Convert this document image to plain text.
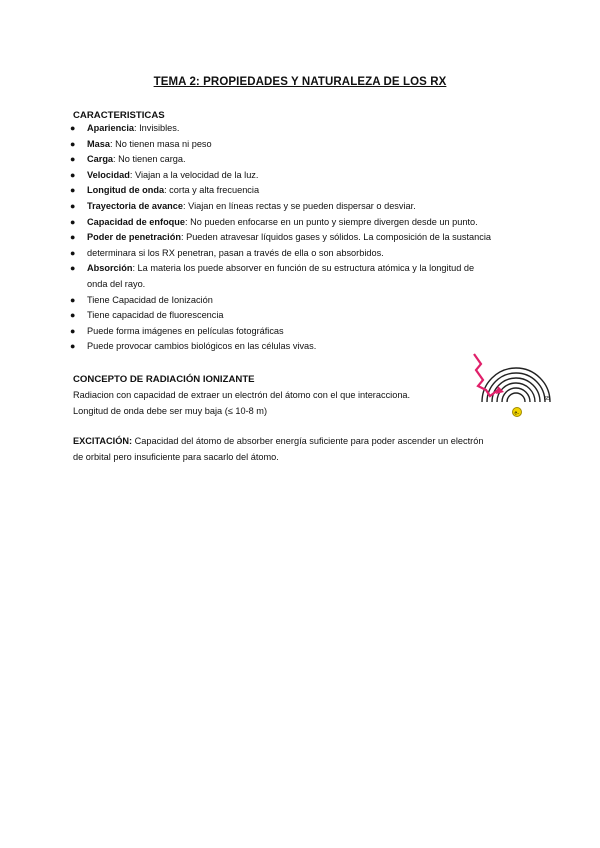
TEMA 2: PROPIEDADES Y NATURALEZA DE LOS RX
CARACTERISTICAS
● Apariencia: Invisibles.
● Masa: No tienen masa ni peso
● Carga: No tienen carga.
● Velocidad: Viajan a la velocidad de la luz.
● Longitud de onda: corta y alta frecuencia
● Trayectoria de avance: Viajan en líneas rectas y se pueden dispersar o desviar.
● Capacidad de enfoque: No pueden enfocarse en un punto y siempre divergen desde un punto.
● Poder de penetración: Pueden atravesar líquidos gases y sólidos. La composición de la sustancia
● determinara si los RX penetran, pasan a través de ella o son absorbidos.
● Absorción: La materia los puede absorver en función de su estructura atómica y la longitud de
onda del rayo.
● Tiene Capacidad de Ionización
● Tiene capacidad de fluorescencia
● Puede forma imágenes en películas fotográficas
● Puede provocar cambios biológicos en las células vivas.
CONCEPTO DE RADIACIÓN IONIZANTE
Radiacion con capacidad de extraer un electrón del átomo con el que interacciona.
Longitud de onda debe ser muy baja (≤ 10-8 m)
EXCITACIÓN: Capacidad del átomo de absorber energía suficiente para poder ascender un electrón
de orbital pero insuficiente para sacarlo del átomo.
e-
65
